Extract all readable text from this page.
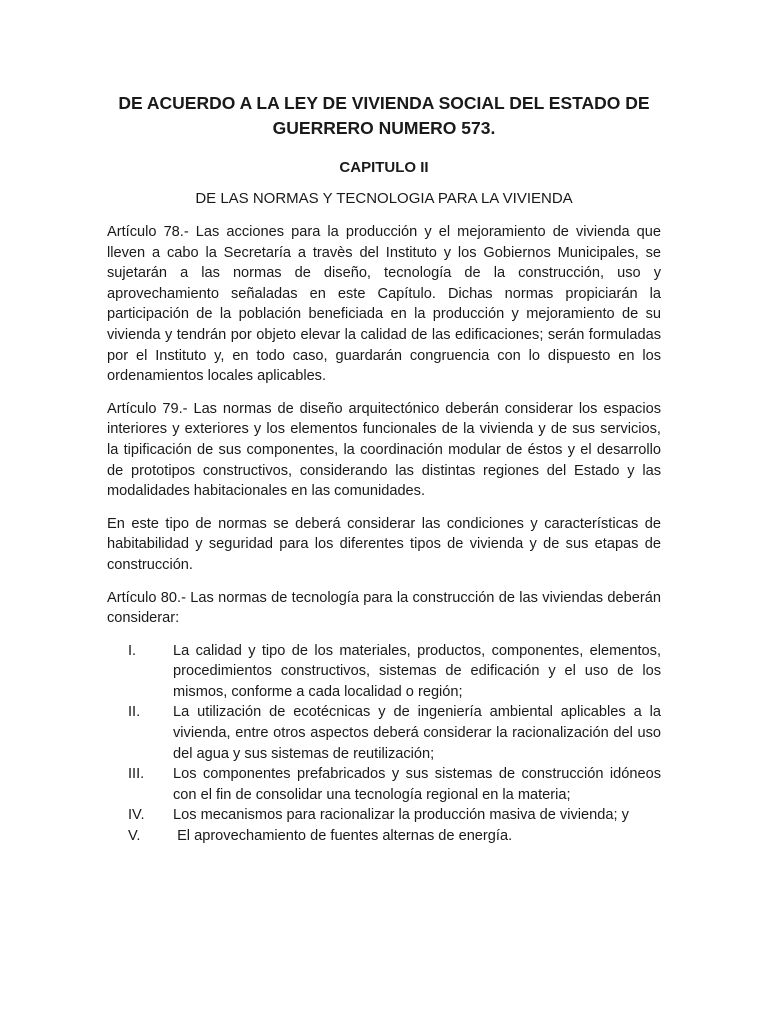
DE ACUERDO A LA LEY DE VIVIENDA SOCIAL DEL ESTADO DE GUERRERO NUMERO 573.
CAPITULO II
DE LAS NORMAS Y TECNOLOGIA PARA LA VIVIENDA

Artículo 78.- Las acciones para la producción y el mejoramiento de vivienda que lleven a cabo la Secretaría a travès del Instituto y los Gobiernos Municipales, se sujetarán a las normas de diseño, tecnología de la construcción, uso y aprovechamiento señaladas en este Capítulo. Dichas normas propiciarán la participación de la población beneficiada en la producción y mejoramiento de su vivienda y tendrán por objeto elevar la calidad de las edificaciones; serán formuladas por el Instituto y, en todo caso, guardarán congruencia con lo dispuesto en los ordenamientos locales aplicables.

Artículo 79.- Las normas de diseño arquitectónico deberán considerar los espacios interiores y exteriores y los elementos funcionales de la vivienda y de sus servicios, la tipificación de sus componentes, la coordinación modular de éstos y el desarrollo de prototipos constructivos, considerando las distintas regiones del Estado y las modalidades habitacionales en las comunidades.

En este tipo de normas se deberá considerar las condiciones y características de habitabilidad y seguridad para los diferentes tipos de vivienda y de sus etapas de construcción.

Artículo 80.- Las normas de tecnología para la construcción de las viviendas deberán considerar:

I.	La calidad y tipo de los materiales, productos, componentes, elementos, procedimientos constructivos, sistemas de edificación y el uso de los mismos, conforme a cada localidad o región;
II.	La utilización de ecotécnicas y de ingeniería ambiental aplicables a la vivienda, entre otros aspectos deberá considerar la racionalización del uso del agua y sus sistemas de reutilización;
III.	Los componentes prefabricados y sus sistemas de construcción idóneos con el fin de consolidar una tecnología regional en la materia;
IV.	Los mecanismos para racionalizar la producción masiva de vivienda; y
V.	El aprovechamiento de fuentes alternas de energía.
